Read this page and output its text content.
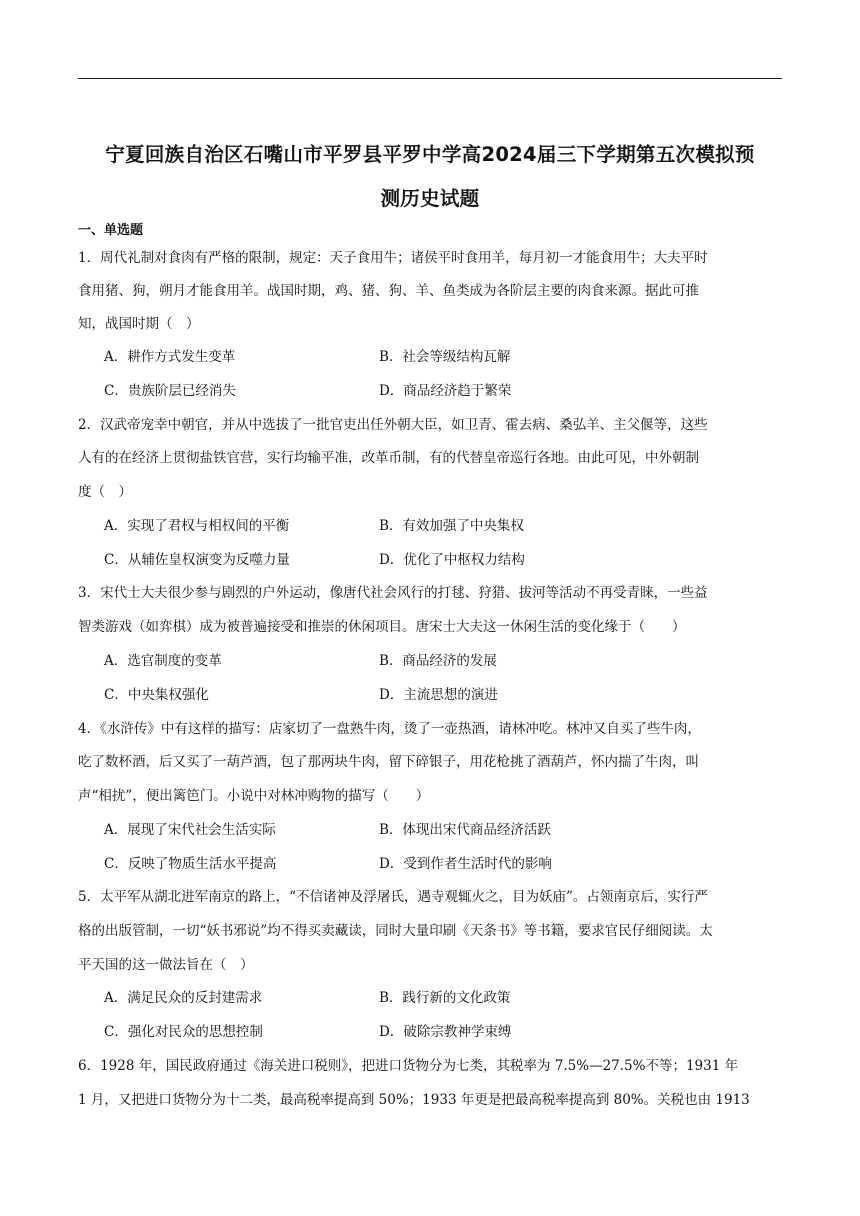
宁夏回族自治区石嘴山市平罗县平罗中学高2024届三下学期第五次模拟预
测历史试题
一、单选题
1．周代礼制对食肉有严格的限制，规定：天子食用牛；诸侯平时食用羊，每月初一才能食用牛；大夫平时
食用猪、狗，朔月才能食用羊。战国时期，鸡、猪、狗、羊、鱼类成为各阶层主要的肉食来源。据此可推
知，战国时期（　）
A．耕作方式发生变革	B．社会等级结构瓦解
C．贵族阶层已经消失	D．商品经济趋于繁荣
2．汉武帝宠幸中朝官，并从中选拔了一批官吏出任外朝大臣，如卫青、霍去病、桑弘羊、主父偃等，这些
人有的在经济上贯彻盐铁官营，实行均输平准，改革币制，有的代替皇帝巡行各地。由此可见，中外朝制
度（　）
A．实现了君权与相权间的平衡	B．有效加强了中央集权
C．从辅佐皇权演变为反噬力量	D．优化了中枢权力结构
3．宋代士大夫很少参与剧烈的户外运动，像唐代社会风行的打毬、狩猎、拔河等活动不再受青睐，一些益
智类游戏（如弈棋）成为被普遍接受和推崇的休闲项目。唐宋士大夫这一休闲生活的变化缘于（　　）
A．选官制度的变革	B．商品经济的发展
C．中央集权强化	D．主流思想的演进
4．《水浒传》中有这样的描写：店家切了一盘熟牛肉，烫了一壶热酒，请林冲吃。林冲又自买了些牛肉，
吃了数杯酒，后又买了一葫芦酒，包了那两块牛肉，留下碎银子，用花枪挑了酒葫芦，怀内揣了牛肉，叫
声“相扰”，便出篱笆门。小说中对林冲购物的描写（　　）
A．展现了宋代社会生活实际	B．体现出宋代商品经济活跃
C．反映了物质生活水平提高	D．受到作者生活时代的影响
5．太平军从湖北进军南京的路上，“不信诸神及浮屠氏，遇寺观辄火之，目为妖庙”。占领南京后，实行严
格的出版管制，一切“妖书邪说”均不得买卖藏读，同时大量印刷《天条书》等书籍，要求官民仔细阅读。太
平天国的这一做法旨在（　）
A．满足民众的反封建需求	B．践行新的文化政策
C．强化对民众的思想控制	D．破除宗教神学束缚
6．1928 年，国民政府通过《海关进口税则》，把进口货物分为七类，其税率为 7.5%—27.5%不等；1931 年
1 月，又把进口货物分为十二类，最高税率提高到 50%；1933 年更是把最高税率提高到 80%。关税也由 1913
